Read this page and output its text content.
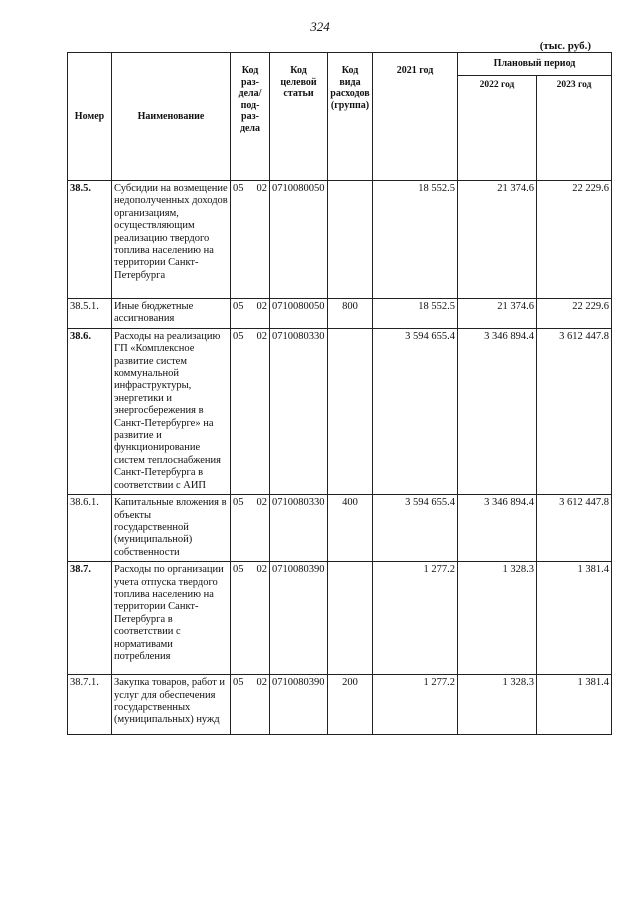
324
(тыс. руб.)
Номер	Наименование	Код раз-дела/ под-раз-дела	Код целевой статьи	Код вида расходов (группа)	2021 год	Плановый период	
						2022 год	2023 год
38.5.	Субсидии на возмещение недополученных доходов организациям, осуществляющим реализацию твердого топлива населению на территории Санкт-Петербурга	05 02	0710080050		18 552.5	21 374.6	22 229.6
38.5.1.	Иные бюджетные ассигнования	05 02	0710080050	800	18 552.5	21 374.6	22 229.6
38.6.	Расходы на реализацию ГП «Комплексное развитие систем коммунальной инфраструктуры, энергетики и энергосбережения в Санкт-Петербурге» на развитие и функционирование систем теплоснабжения Санкт-Петербурга в соответствии с АИП	05 02	0710080330		3 594 655.4	3 346 894.4	3 612 447.8
38.6.1.	Капитальные вложения в объекты государственной (муниципальной) собственности	05 02	0710080330	400	3 594 655.4	3 346 894.4	3 612 447.8
38.7.	Расходы по организации учета отпуска твердого топлива населению на территории Санкт-Петербурга в соответствии с нормативами потребления	05 02	0710080390		1 277.2	1 328.3	1 381.4
38.7.1.	Закупка товаров, работ и услуг для обеспечения государственных (муниципальных) нужд	05 02	0710080390	200	1 277.2	1 328.3	1 381.4
